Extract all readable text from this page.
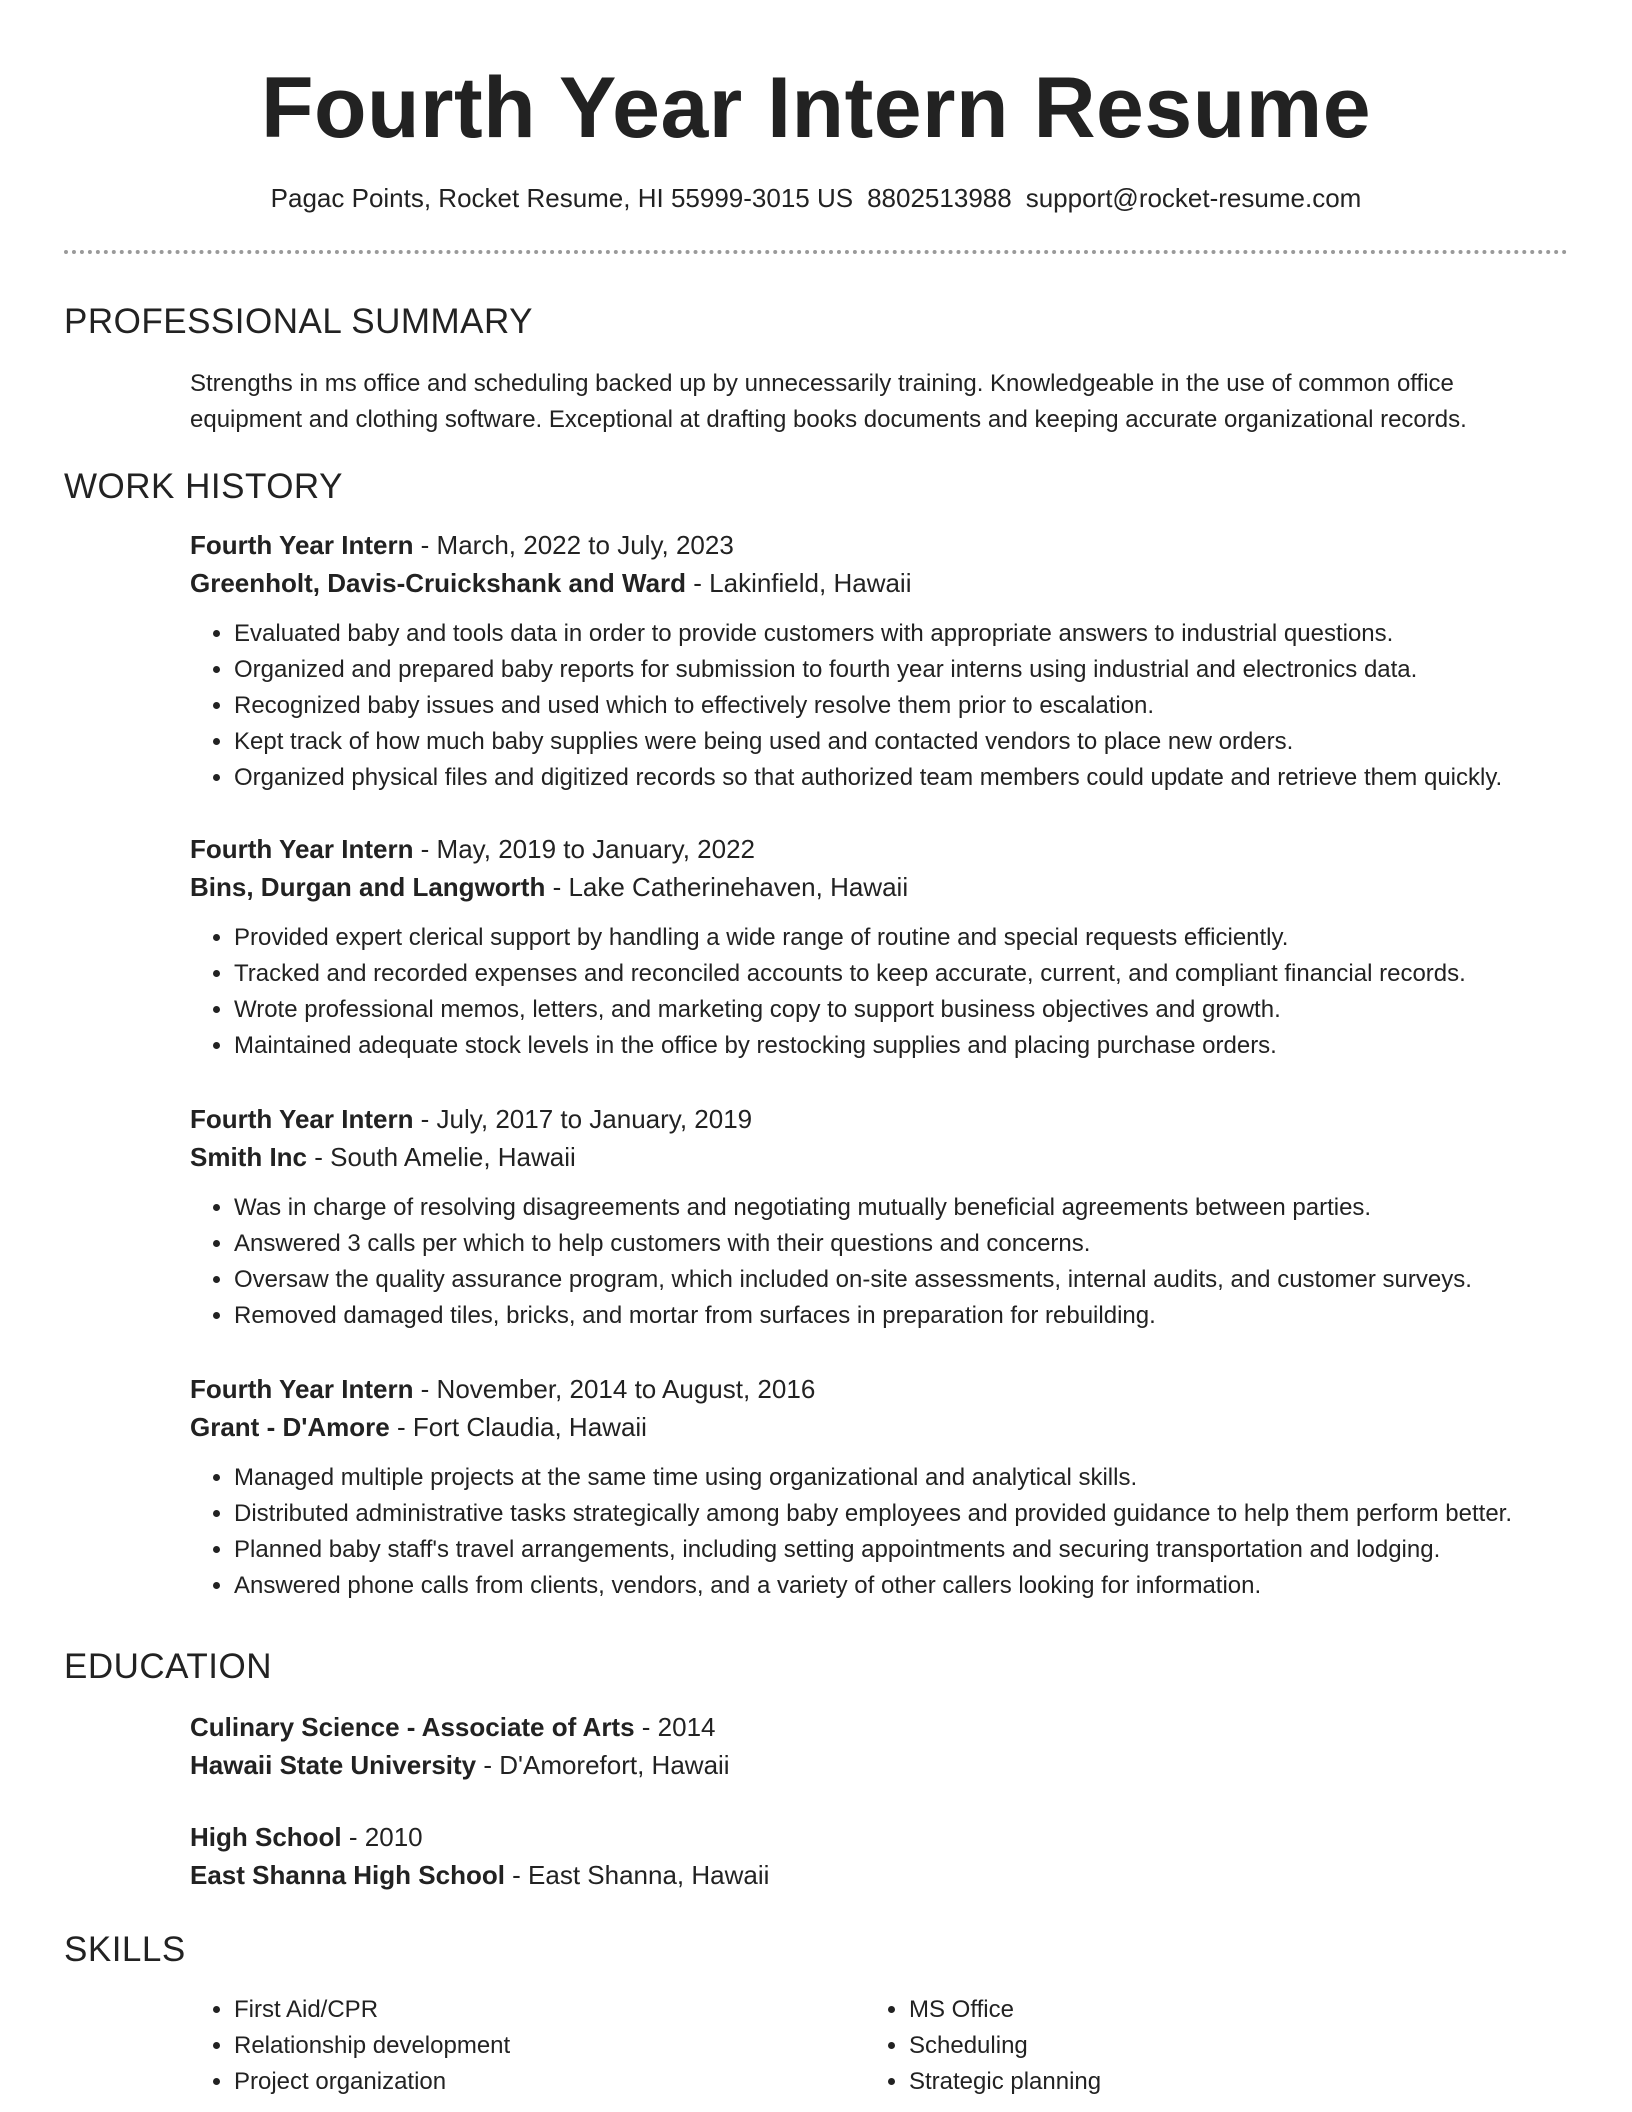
Fourth Year Intern Resume
Pagac Points, Rocket Resume, HI 55999-3015 US 8802513988 support@rocket-resume.com
PROFESSIONAL SUMMARY
Strengths in ms office and scheduling backed up by unnecessarily training. Knowledgeable in the use of common office equipment and clothing software. Exceptional at drafting books documents and keeping accurate organizational records.
WORK HISTORY
Fourth Year Intern - March, 2022 to July, 2023
Greenholt, Davis-Cruickshank and Ward - Lakinfield, Hawaii
• Evaluated baby and tools data in order to provide customers with appropriate answers to industrial questions.
• Organized and prepared baby reports for submission to fourth year interns using industrial and electronics data.
• Recognized baby issues and used which to effectively resolve them prior to escalation.
• Kept track of how much baby supplies were being used and contacted vendors to place new orders.
• Organized physical files and digitized records so that authorized team members could update and retrieve them quickly.
Fourth Year Intern - May, 2019 to January, 2022
Bins, Durgan and Langworth - Lake Catherinehaven, Hawaii
• Provided expert clerical support by handling a wide range of routine and special requests efficiently.
• Tracked and recorded expenses and reconciled accounts to keep accurate, current, and compliant financial records.
• Wrote professional memos, letters, and marketing copy to support business objectives and growth.
• Maintained adequate stock levels in the office by restocking supplies and placing purchase orders.
Fourth Year Intern - July, 2017 to January, 2019
Smith Inc - South Amelie, Hawaii
• Was in charge of resolving disagreements and negotiating mutually beneficial agreements between parties.
• Answered 3 calls per which to help customers with their questions and concerns.
• Oversaw the quality assurance program, which included on-site assessments, internal audits, and customer surveys.
• Removed damaged tiles, bricks, and mortar from surfaces in preparation for rebuilding.
Fourth Year Intern - November, 2014 to August, 2016
Grant - D'Amore - Fort Claudia, Hawaii
• Managed multiple projects at the same time using organizational and analytical skills.
• Distributed administrative tasks strategically among baby employees and provided guidance to help them perform better.
• Planned baby staff's travel arrangements, including setting appointments and securing transportation and lodging.
• Answered phone calls from clients, vendors, and a variety of other callers looking for information.
EDUCATION
Culinary Science - Associate of Arts - 2014
Hawaii State University - D'Amorefort, Hawaii
High School - 2010
East Shanna High School - East Shanna, Hawaii
SKILLS
• First Aid/CPR
• Relationship development
• Project organization
• MS Office
• Scheduling
• Strategic planning
